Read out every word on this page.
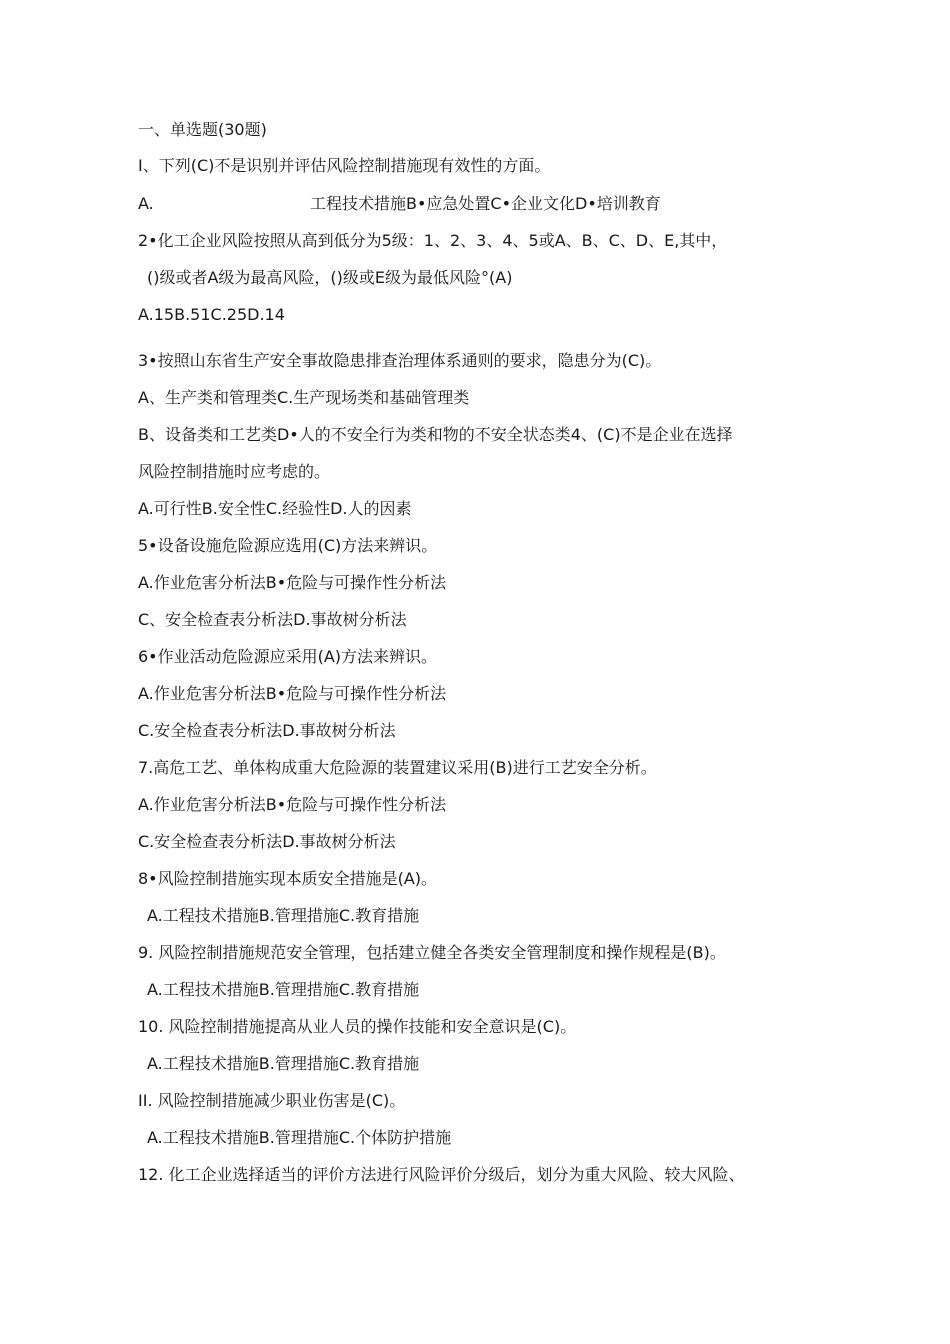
一、单选题(30题)
I、下列(C)不是识别并评估风险控制措施现有效性的方面。
A.	工程技术措施B•应急处置C•企业文化D•培训教育
2•化工企业风险按照从高到低分为5级：1、2、3、4、5或A、B、C、D、E,其中，
()级或者A级为最高风险，()级或E级为最低风险°(A)
A.15B.51C.25D.14
3•按照山东省生产安全事故隐患排查治理体系通则的要求，隐患分为(C)。
A、生产类和管理类C.生产现场类和基础管理类
B、设备类和工艺类D•人的不安全行为类和物的不安全状态类4、(C)不是企业在选择
风险控制措施时应考虑的。
A.可行性B.安全性C.经验性D.人的因素
5•设备设施危险源应选用(C)方法来辨识。
A.作业危害分析法B•危险与可操作性分析法
C、安全检查表分析法D.事故树分析法
6•作业活动危险源应采用(A)方法来辨识。
A.作业危害分析法B•危险与可操作性分析法
C.安全检查表分析法D.事故树分析法
7.高危工艺、单体构成重大危险源的装置建议采用(B)进行工艺安全分析。
A.作业危害分析法B•危险与可操作性分析法
C.安全检查表分析法D.事故树分析法
8•风险控制措施实现本质安全措施是(A)。
A.工程技术措施B.管理措施C.教育措施
9. 风险控制措施规范安全管理，包括建立健全各类安全管理制度和操作规程是(B)。
A.工程技术措施B.管理措施C.教育措施
10. 风险控制措施提高从业人员的操作技能和安全意识是(C)。
A.工程技术措施B.管理措施C.教育措施
II. 风险控制措施减少职业伤害是(C)。
A.工程技术措施B.管理措施C.个体防护措施
12. 化工企业选择适当的评价方法进行风险评价分级后，划分为重大风险、较大风险、
